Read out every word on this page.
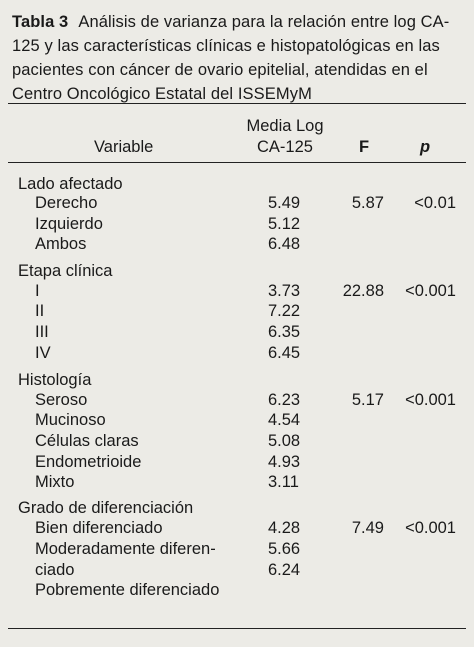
Tabla 3 Análisis de varianza para la relación entre log CA-
125 y las características clínicas e histopatológicas en las
pacientes con cáncer de ovario epitelial, atendidas en el
Centro Oncológico Estatal del ISSEMyM
Media Log
Variable	CA-125	F	p
Lado afectado
Derecho	5.49	5.87	<0.01
Izquierdo	5.12
Ambos	6.48
Etapa clínica
I	3.73	22.88	<0.001
II	7.22
III	6.35
IV	6.45
Histología
Seroso	6.23	5.17	<0.001
Mucinoso	4.54
Células claras	5.08
Endometrioide	4.93
Mixto	3.11
Grado de diferenciación
Bien diferenciado	4.28	7.49	<0.001
Moderadamente diferen-	5.66
ciado	6.24
Pobremente diferenciado
